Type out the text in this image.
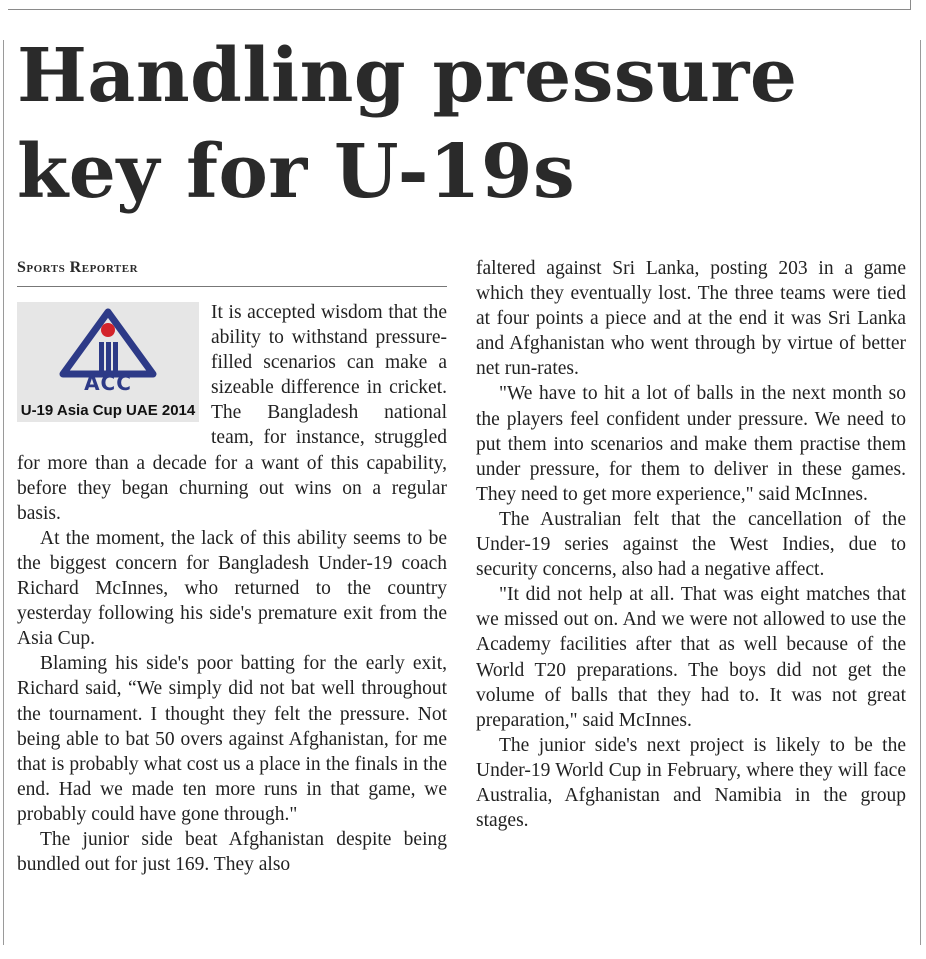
Handling pressure key for U-19s
Sports Reporter

ACC
U-19 Asia Cup UAE 2014
It is accepted wisdom that the ability to withstand pressure-filled scenarios can make a sizeable difference in cricket. The Bangladesh national team, for instance, struggled for more than a decade for a want of this capability, before they began churning out wins on a regular basis.

At the moment, the lack of this ability seems to be the biggest concern for Bangladesh Under-19 coach Richard McInnes, who returned to the country yesterday following his side's premature exit from the Asia Cup.

Blaming his side's poor batting for the early exit, Richard said, “We simply did not bat well throughout the tournament. I thought they felt the pressure. Not being able to bat 50 overs against Afghanistan, for me that is probably what cost us a place in the finals in the end. Had we made ten more runs in that game, we probably could have gone through."

The junior side beat Afghanistan despite being bundled out for just 169. They also

faltered against Sri Lanka, posting 203 in a game which they eventually lost. The three teams were tied at four points a piece and at the end it was Sri Lanka and Afghanistan who went through by virtue of better net run-rates.

"We have to hit a lot of balls in the next month so the players feel confident under pressure. We need to put them into scenarios and make them practise them under pressure, for them to deliver in these games. They need to get more experience," said McInnes.

The Australian felt that the cancellation of the Under-19 series against the West Indies, due to security concerns, also had a negative affect.

"It did not help at all. That was eight matches that we missed out on. And we were not allowed to use the Academy facilities after that as well because of the World T20 preparations. The boys did not get the volume of balls that they had to. It was not great preparation," said McInnes.

The junior side's next project is likely to be the Under-19 World Cup in February, where they will face Australia, Afghanistan and Namibia in the group stages.
